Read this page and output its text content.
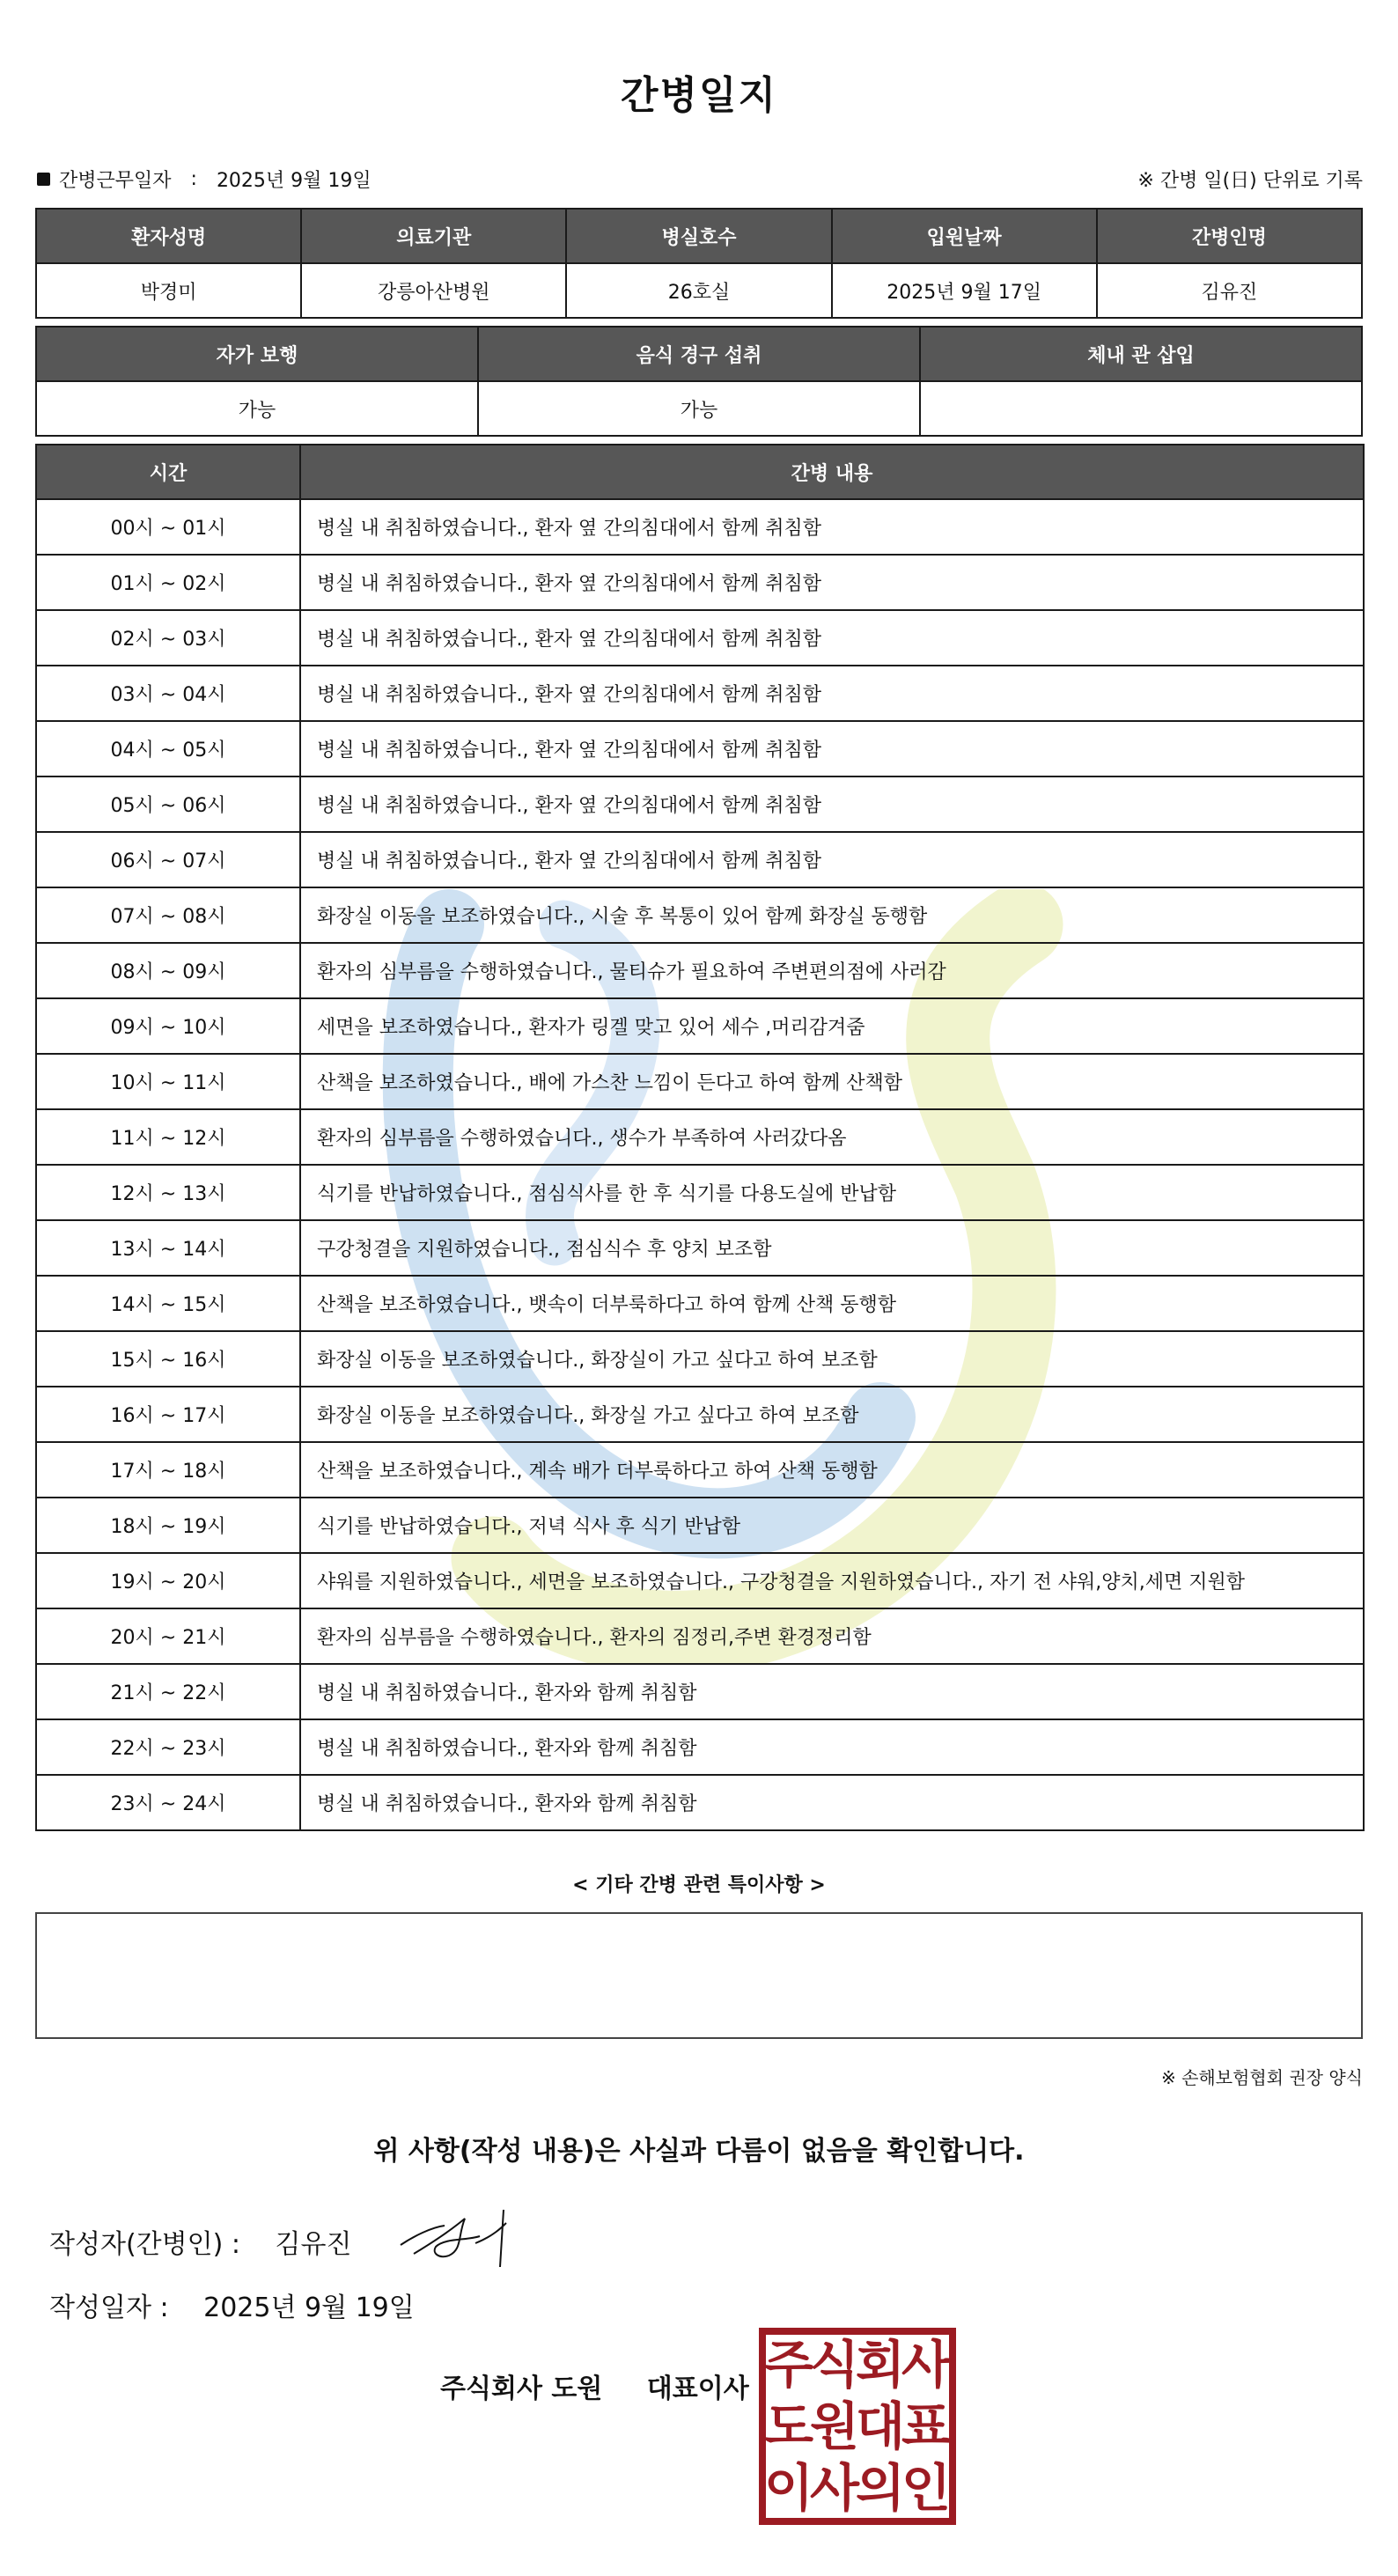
간병일지
간병근무일자 : 2025년 9월 19일	※ 간병 일(日) 단위로 기록
환자성명	의료기관	병실호수	입원날짜	간병인명
박경미	강릉아산병원	26호실	2025년 9월 17일	김유진
자가 보행	음식 경구 섭취	체내 관 삽입
가능	가능	
시간	간병 내용
00시 ~ 01시	병실 내 취침하였습니다., 환자 옆 간의침대에서 함께 취침함
01시 ~ 02시	병실 내 취침하였습니다., 환자 옆 간의침대에서 함께 취침함
02시 ~ 03시	병실 내 취침하였습니다., 환자 옆 간의침대에서 함께 취침함
03시 ~ 04시	병실 내 취침하였습니다., 환자 옆 간의침대에서 함께 취침함
04시 ~ 05시	병실 내 취침하였습니다., 환자 옆 간의침대에서 함께 취침함
05시 ~ 06시	병실 내 취침하였습니다., 환자 옆 간의침대에서 함께 취침함
06시 ~ 07시	병실 내 취침하였습니다., 환자 옆 간의침대에서 함께 취침함
07시 ~ 08시	화장실 이동을 보조하였습니다., 시술 후 복통이 있어 함께 화장실 동행함
08시 ~ 09시	환자의 심부름을 수행하였습니다., 물티슈가 필요하여 주변편의점에 사러감
09시 ~ 10시	세면을 보조하였습니다., 환자가 링겔 맞고 있어 세수 ,머리감겨줌
10시 ~ 11시	산책을 보조하였습니다., 배에 가스찬 느낌이 든다고 하여 함께 산책함
11시 ~ 12시	환자의 심부름을 수행하였습니다., 생수가 부족하여 사러갔다옴
12시 ~ 13시	식기를 반납하였습니다., 점심식사를 한 후 식기를 다용도실에 반납함
13시 ~ 14시	구강청결을 지원하였습니다., 점심식수 후 양치 보조함
14시 ~ 15시	산책을 보조하였습니다., 뱃속이 더부룩하다고 하여 함께 산책 동행함
15시 ~ 16시	화장실 이동을 보조하였습니다., 화장실이 가고 싶다고 하여 보조함
16시 ~ 17시	화장실 이동을 보조하였습니다., 화장실 가고 싶다고 하여 보조함
17시 ~ 18시	산책을 보조하였습니다., 계속 배가 더부룩하다고 하여 산책 동행함
18시 ~ 19시	식기를 반납하였습니다., 저녁 식사 후 식기 반납함
19시 ~ 20시	샤워를 지원하였습니다., 세면을 보조하였습니다., 구강청결을 지원하였습니다., 자기 전 샤워,양치,세면 지원함
20시 ~ 21시	환자의 심부름을 수행하였습니다., 환자의 짐정리,주변 환경정리함
21시 ~ 22시	병실 내 취침하였습니다., 환자와 함께 취침함
22시 ~ 23시	병실 내 취침하였습니다., 환자와 함께 취침함
23시 ~ 24시	병실 내 취침하였습니다., 환자와 함께 취침함
< 기타 간병 관련 특이사항 >
※ 손해보험협회 권장 양식
위 사항(작성 내용)은 사실과 다름이 없음을 확인합니다.
작성자(간병인) : 김유진
작성일자 : 2025년 9월 19일
주식회사 도원 대표이사 주
식
회
사
도
원
대
표
이
사
의
인
